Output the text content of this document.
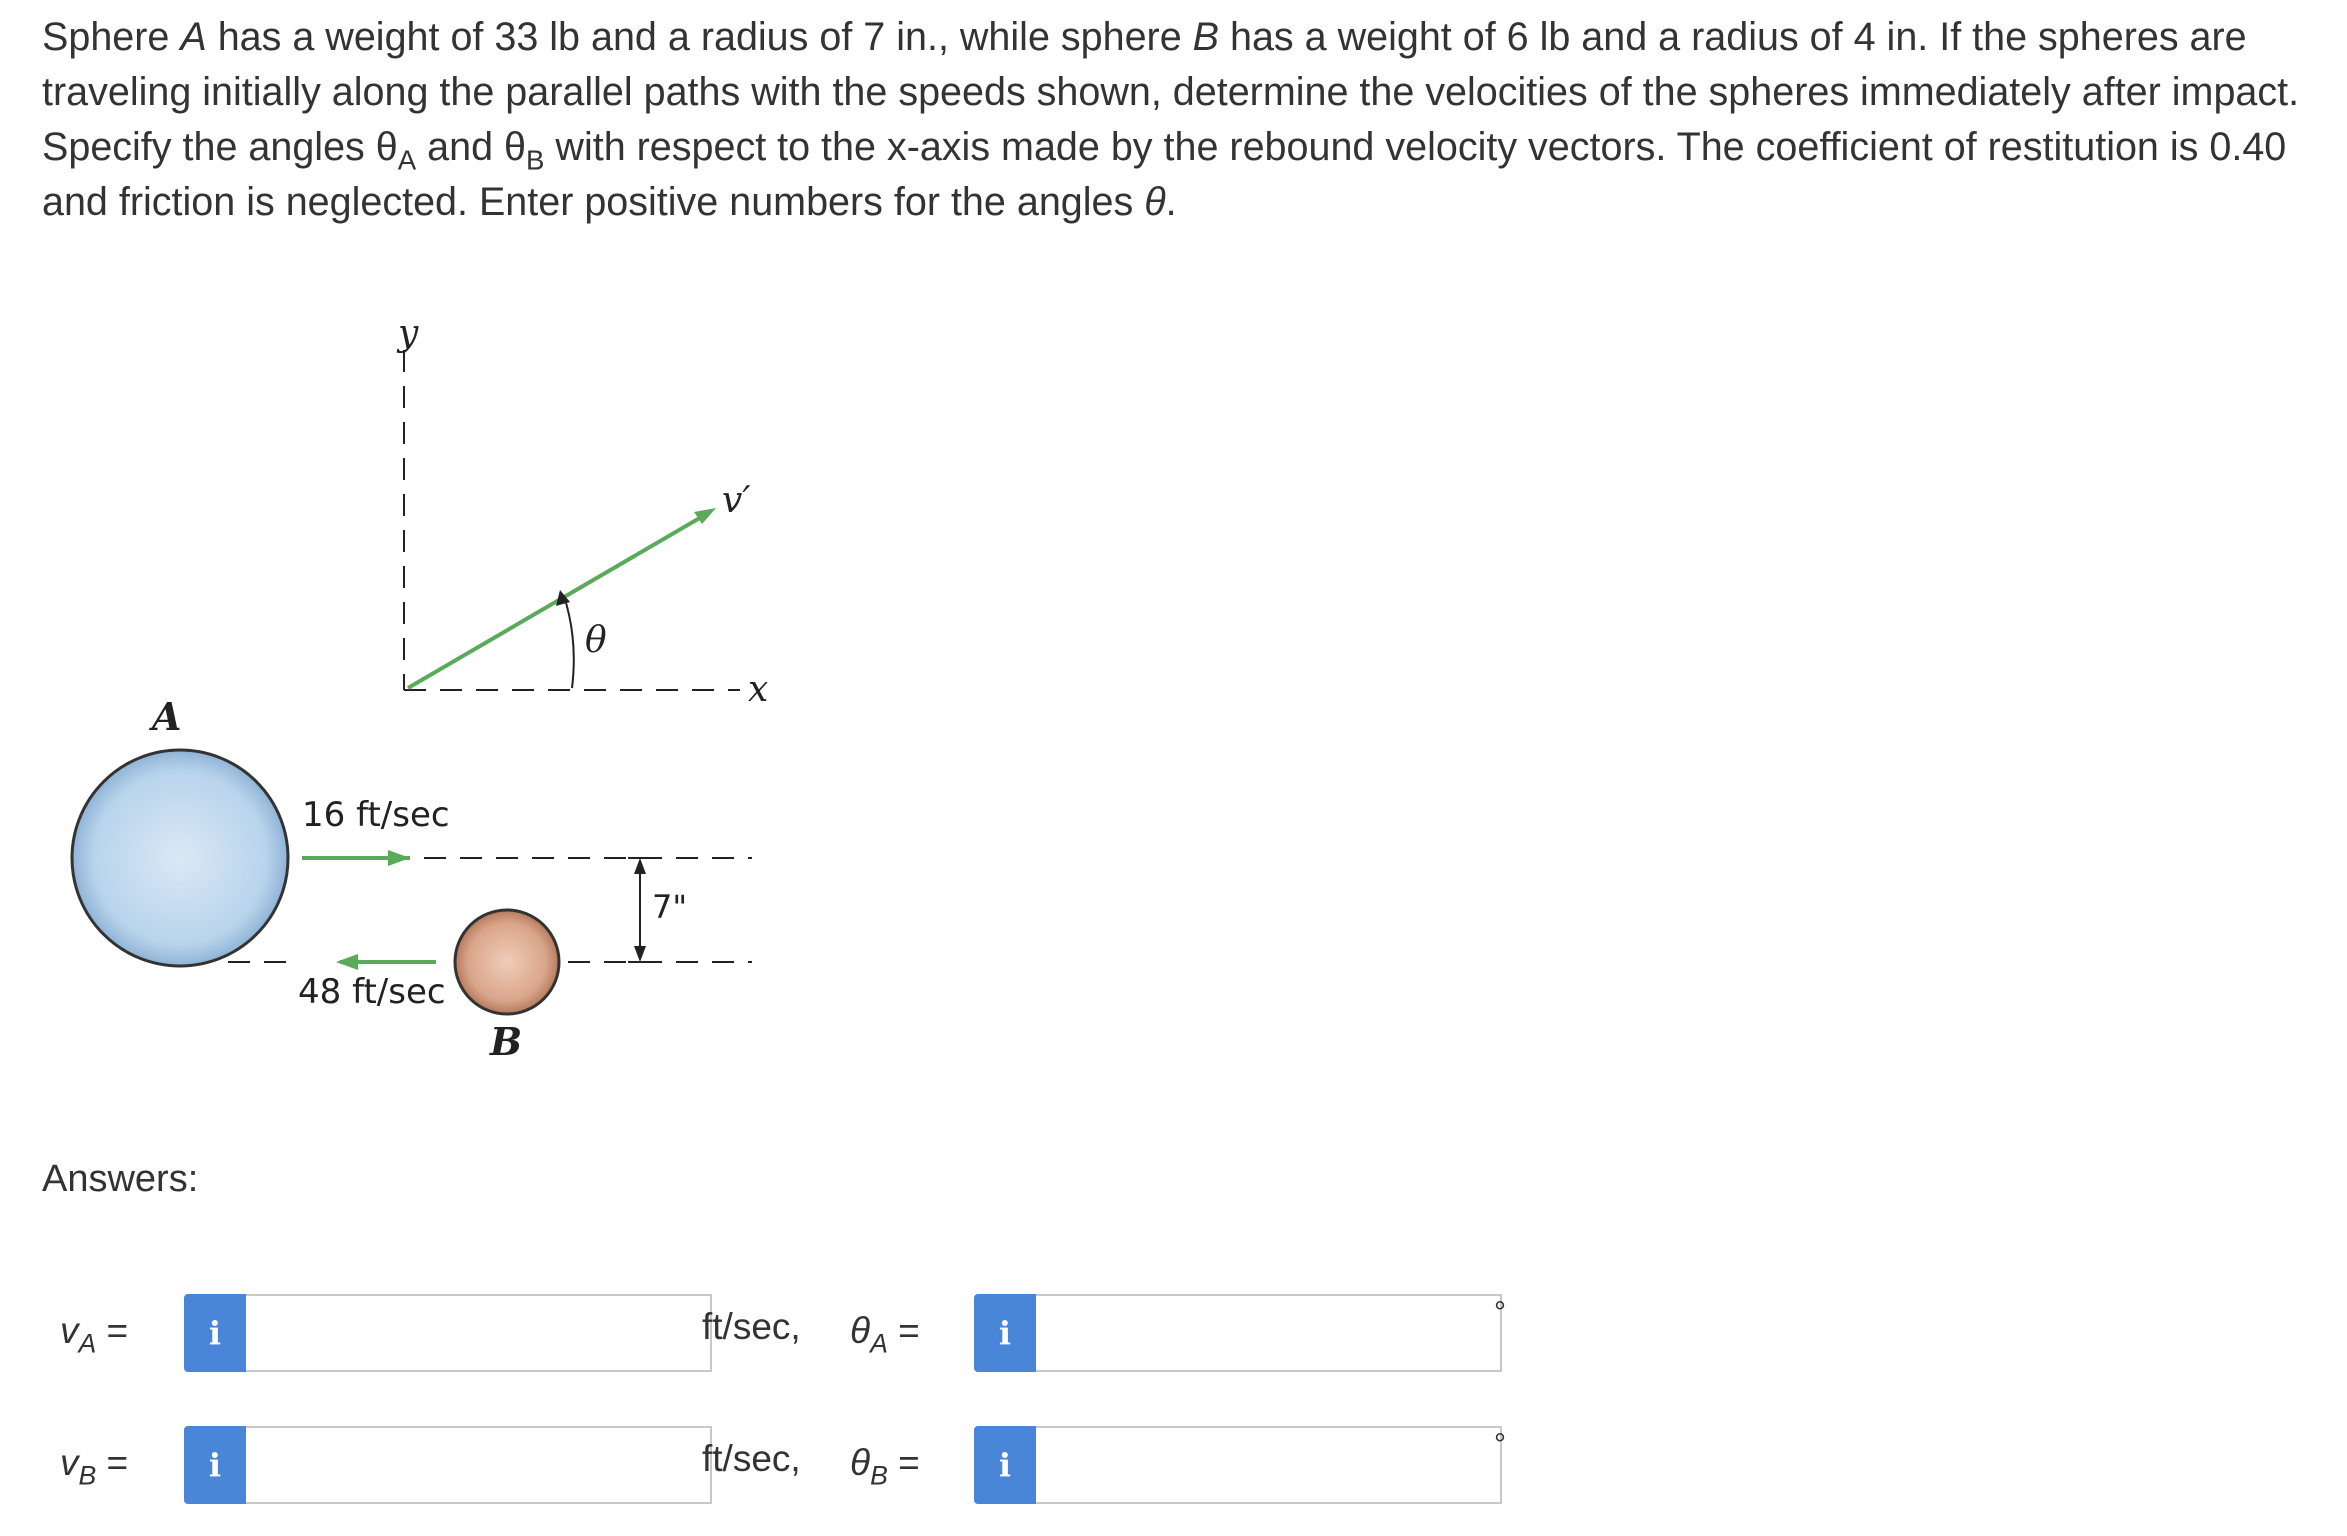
Sphere A has a weight of 33 lb and a radius of 7 in., while sphere B has a weight of 6 lb and a radius of 4 in. If the spheres are traveling initially along the parallel paths with the speeds shown, determine the velocities of the spheres immediately after impact. Specify the angles $\theta_A$ and $\theta_B$ with respect to the x-axis made by the rebound velocity vectors. The coefficient of restitution is 0.40 and friction is neglected. Enter positive numbers for the angles θ.
y
x
v′
θ
A
16 ft/sec
48 ft/sec
B
7"
Answers:
$v_A$ =	i	ft/sec, $\theta_A$ =	i
°
$v_B$ =	i	ft/sec, $\theta_B$ =	i
°
